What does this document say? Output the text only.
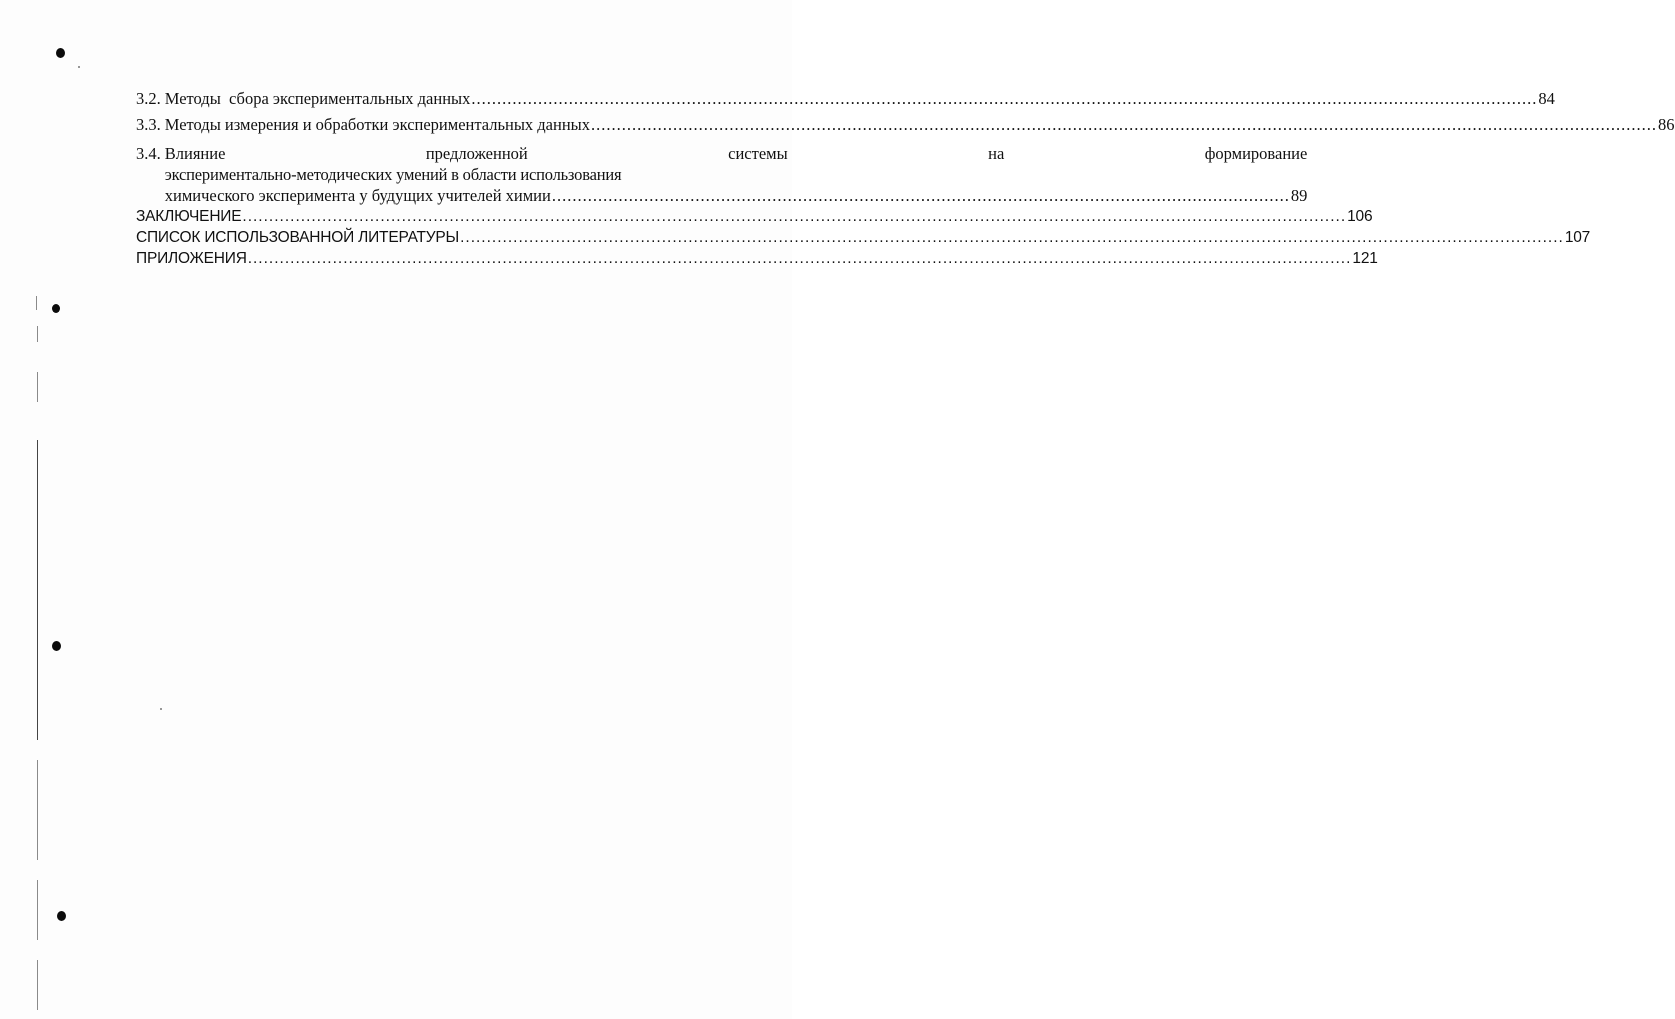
3.2. Методы  сбора экспериментальных данных .....	84
3.3. Методы измерения и обработки экспериментальных данных .....	86
3.4. Влияние	предложенной	системы	на	формирование
экспериментально-методических умений в области использования
химического эксперимента у будущих учителей химии .....	89
ЗАКЛЮЧЕНИЕ .....	106
СПИСОК ИСПОЛЬЗОВАННОЙ ЛИТЕРАТУРЫ .....	107
ПРИЛОЖЕНИЯ .....	121
